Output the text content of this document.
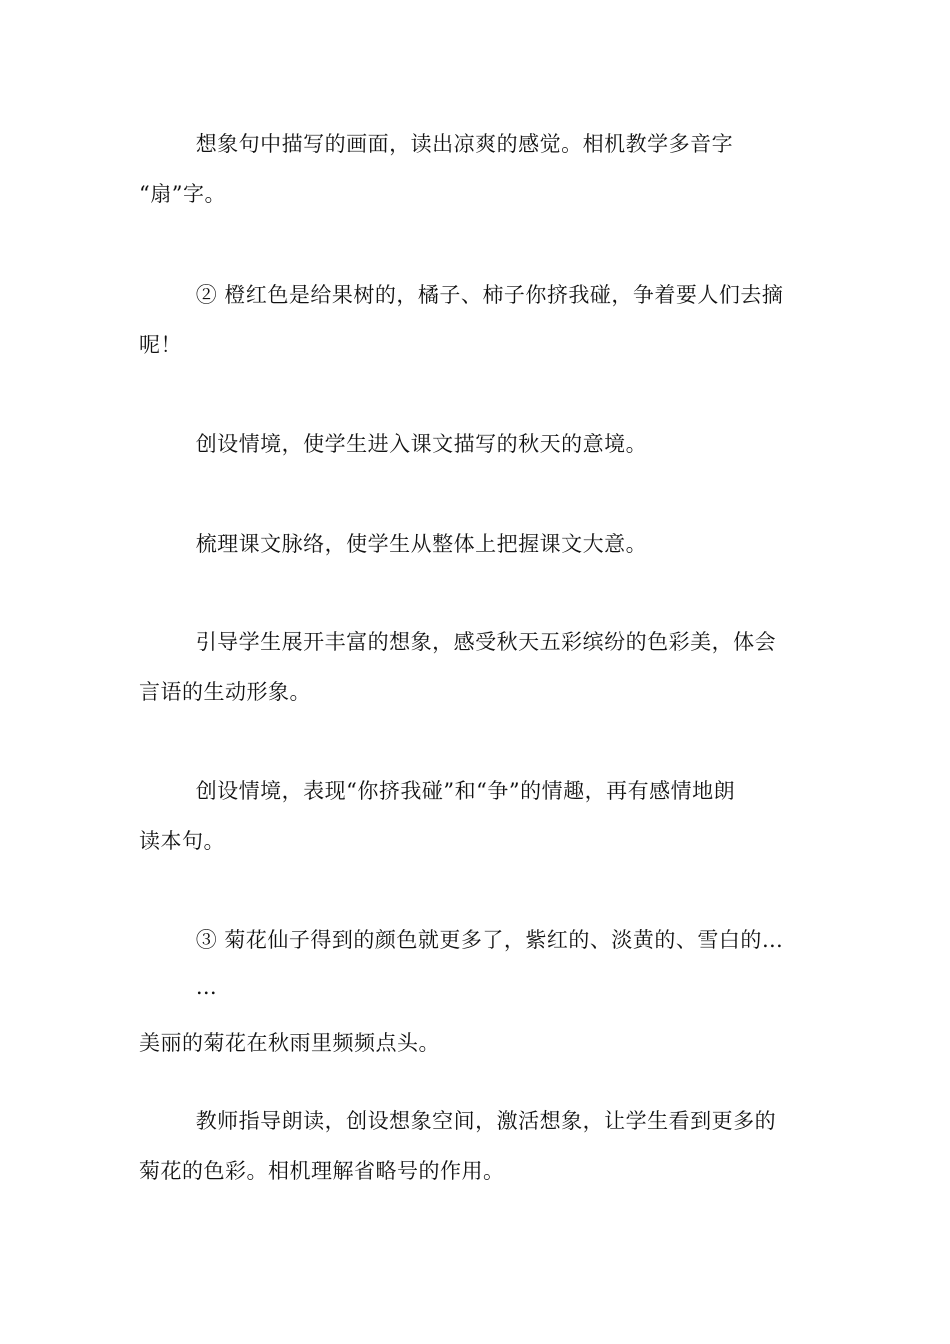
想象句中描写的画面，读出凉爽的感觉。相机教学多音字

“扇”字。

② 橙红色是给果树的，橘子、柿子你挤我碰，争着要人们去摘

呢！

创设情境，使学生进入课文描写的秋天的意境。

梳理课文脉络，使学生从整体上把握课文大意。

引导学生展开丰富的想象，感受秋天五彩缤纷的色彩美，体会

言语的生动形象。

创设情境，表现“你挤我碰”和“争”的情趣，再有感情地朗

读本句。

③ 菊花仙子得到的颜色就更多了，紫红的、淡黄的、雪白的…

…

美丽的菊花在秋雨里频频点头。

教师指导朗读，创设想象空间，激活想象，让学生看到更多的

菊花的色彩。相机理解省略号的作用。
